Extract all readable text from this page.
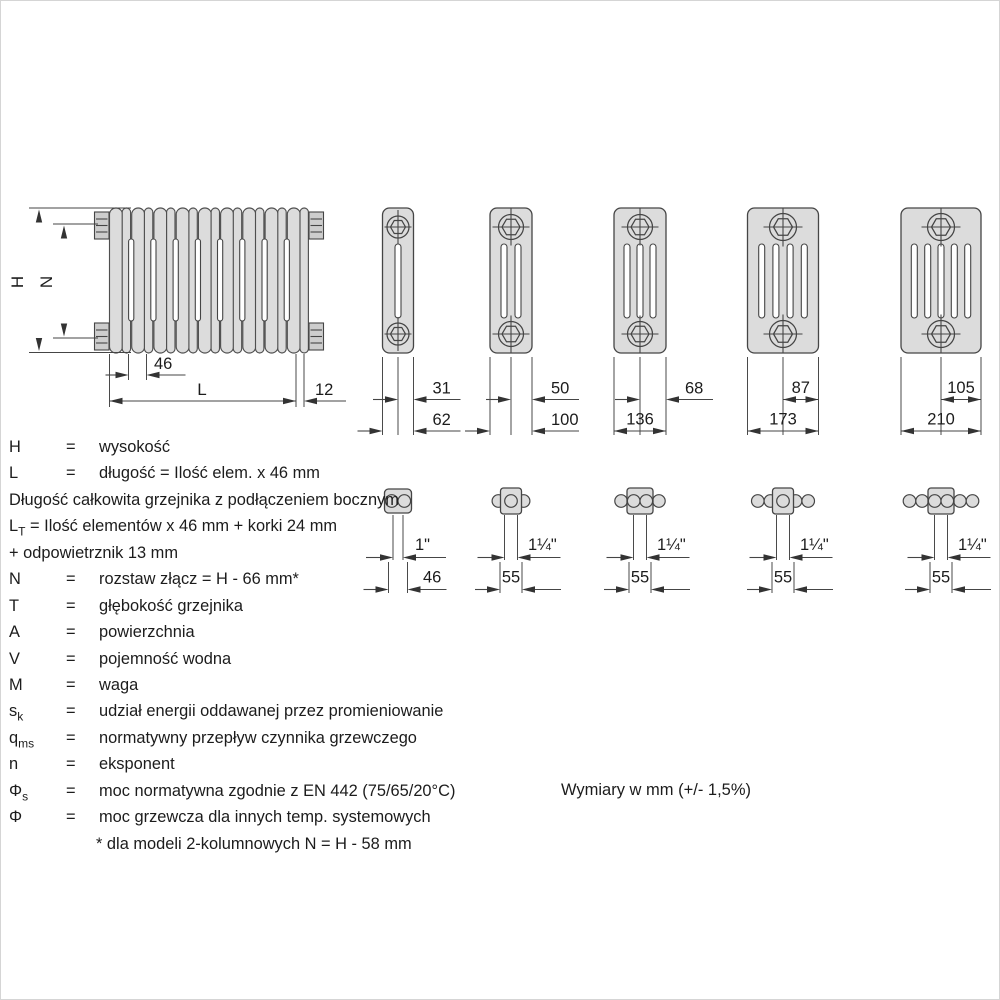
H N
46
L	12	31
62
1"
46
50
100
1¼"
55
68
136
1¼"
55
87
173
1¼"
55
105
210
1¼"
55
H	=	wysokość
L	=	długość = Ilość elem. x 46 mm
Długość całkowita grzejnika z podłączeniem bocznym
$L_T$ = Ilość elementów x 46 mm + korki 24 mm
+ odpowietrznik 13 mm
N	=	rozstaw złącz = H - 66 mm*
T	=	głębokość grzejnika
A	=	powierzchnia
V	=	pojemność wodna
M	=	waga
$s_k$	=	udział energii oddawanej przez promieniowanie
$q_{ms}$	=	normatywny przepływ czynnika grzewczego
n	=	eksponent
$\Phi_s$	=	moc normatywna zgodnie z EN 442 (75/65/20°C)
Φ	=	moc grzewcza dla innych temp. systemowych
* dla modeli 2-kolumnowych N = H - 58 mm
Wymiary w mm (+/- 1,5%)
